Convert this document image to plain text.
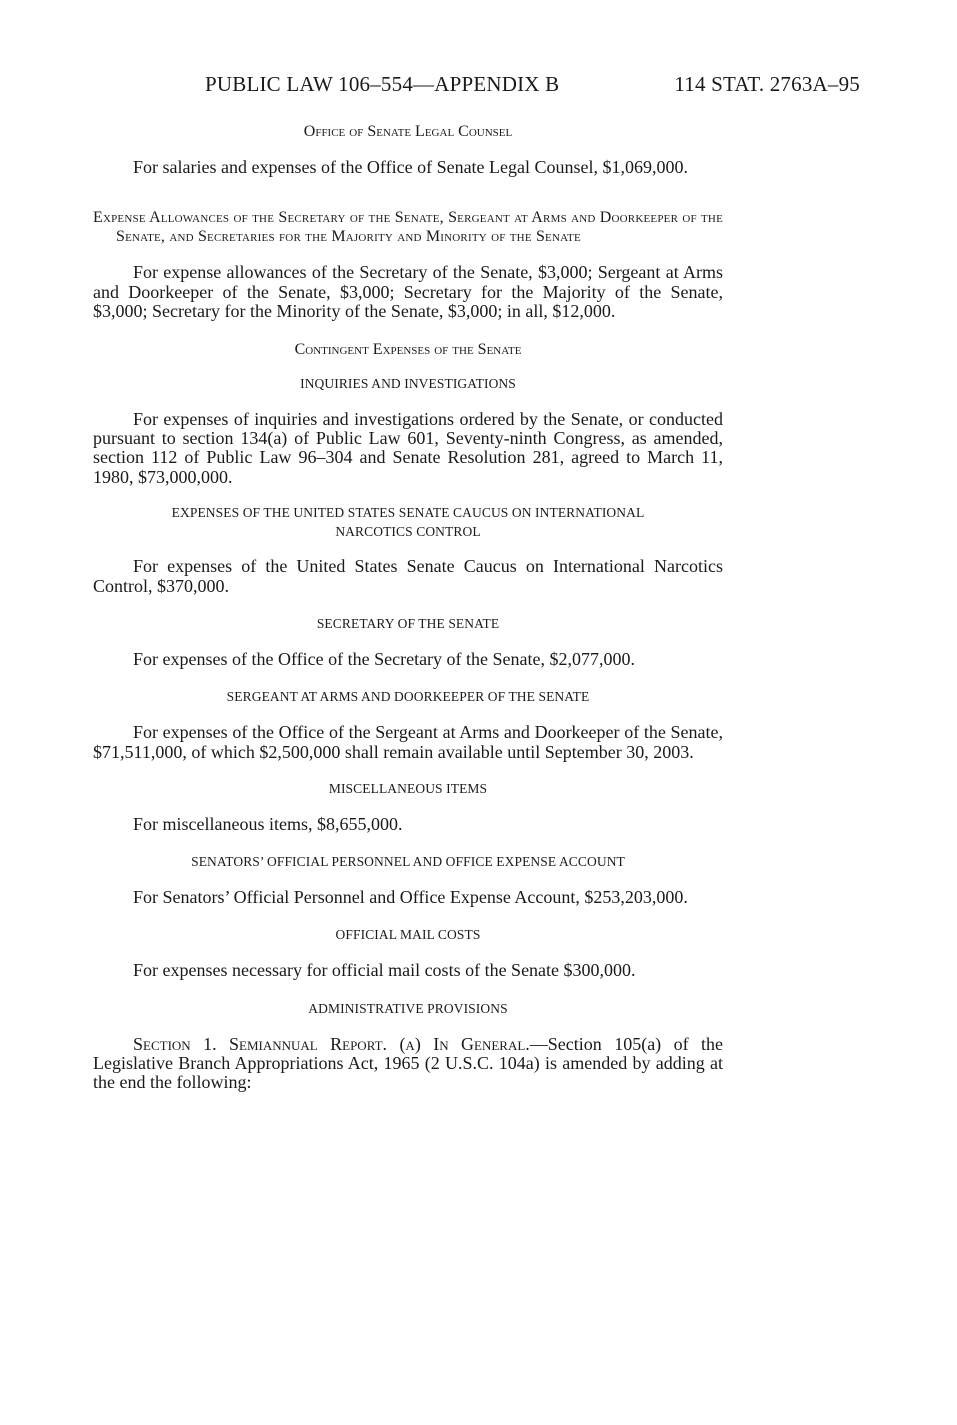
PUBLIC LAW 106–554—APPENDIX B	114 STAT. 2763A–95

Office of Senate Legal Counsel

For salaries and expenses of the Office of Senate Legal Counsel, $1,069,000.

Expense Allowances of the Secretary of the Senate, Sergeant at Arms and Doorkeeper of the Senate, and Secretaries for the Majority and Minority of the Senate

For expense allowances of the Secretary of the Senate, $3,000; Sergeant at Arms and Doorkeeper of the Senate, $3,000; Secretary for the Majority of the Senate, $3,000; Secretary for the Minority of the Senate, $3,000; in all, $12,000.

Contingent Expenses of the Senate

INQUIRIES AND INVESTIGATIONS

For expenses of inquiries and investigations ordered by the Senate, or conducted pursuant to section 134(a) of Public Law 601, Seventy-ninth Congress, as amended, section 112 of Public Law 96–304 and Senate Resolution 281, agreed to March 11, 1980, $73,000,000.

EXPENSES OF THE UNITED STATES SENATE CAUCUS ON INTERNATIONAL NARCOTICS CONTROL

For expenses of the United States Senate Caucus on International Narcotics Control, $370,000.

SECRETARY OF THE SENATE

For expenses of the Office of the Secretary of the Senate, $2,077,000.

SERGEANT AT ARMS AND DOORKEEPER OF THE SENATE

For expenses of the Office of the Sergeant at Arms and Doorkeeper of the Senate, $71,511,000, of which $2,500,000 shall remain available until September 30, 2003.

MISCELLANEOUS ITEMS

For miscellaneous items, $8,655,000.

SENATORS’ OFFICIAL PERSONNEL AND OFFICE EXPENSE ACCOUNT

For Senators’ Official Personnel and Office Expense Account, $253,203,000.

OFFICIAL MAIL COSTS

For expenses necessary for official mail costs of the Senate $300,000.

ADMINISTRATIVE PROVISIONS

Section 1. Semiannual Report. (a) In General.—Section 105(a) of the Legislative Branch Appropriations Act, 1965 (2 U.S.C. 104a) is amended by adding at the end the following:
